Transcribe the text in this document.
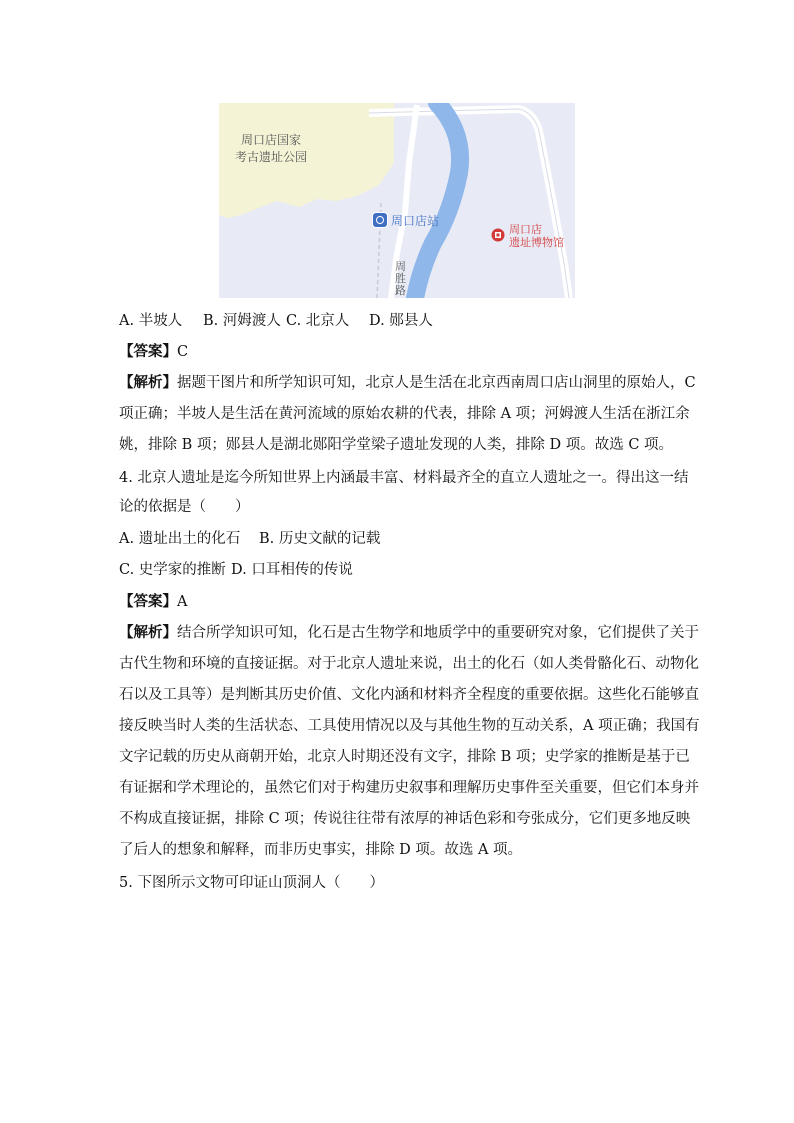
周口店国家
考古遗址公园
周口店站
周口店
遗址博物馆
周
胜
路
A. 半坡人 B. 河姆渡人 C. 北京人 D. 郧县人
【答案】C
【解析】据题干图片和所学知识可知，北京人是生活在北京西南周口店山洞里的原始人，C
项正确；半坡人是生活在黄河流域的原始农耕的代表，排除 A 项；河姆渡人生活在浙江余
姚，排除 B 项；郧县人是湖北郧阳学堂梁子遗址发现的人类，排除 D 项。故选 C 项。
4. 北京人遗址是迄今所知世界上内涵最丰富、材料最齐全的直立人遗址之一。得出这一结
论的依据是（　　）
A. 遗址出土的化石 B. 历史文献的记载
C. 史学家的推断 D. 口耳相传的传说
【答案】A
【解析】结合所学知识可知，化石是古生物学和地质学中的重要研究对象，它们提供了关于
古代生物和环境的直接证据。对于北京人遗址来说，出土的化石（如人类骨骼化石、动物化
石以及工具等）是判断其历史价值、文化内涵和材料齐全程度的重要依据。这些化石能够直
接反映当时人类的生活状态、工具使用情况以及与其他生物的互动关系，A 项正确；我国有
文字记载的历史从商朝开始，北京人时期还没有文字，排除 B 项；史学家的推断是基于已
有证据和学术理论的，虽然它们对于构建历史叙事和理解历史事件至关重要，但它们本身并
不构成直接证据，排除 C 项；传说往往带有浓厚的神话色彩和夸张成分，它们更多地反映
了后人的想象和解释，而非历史事实，排除 D 项。故选 A 项。
5. 下图所示文物可印证山顶洞人（　　）
